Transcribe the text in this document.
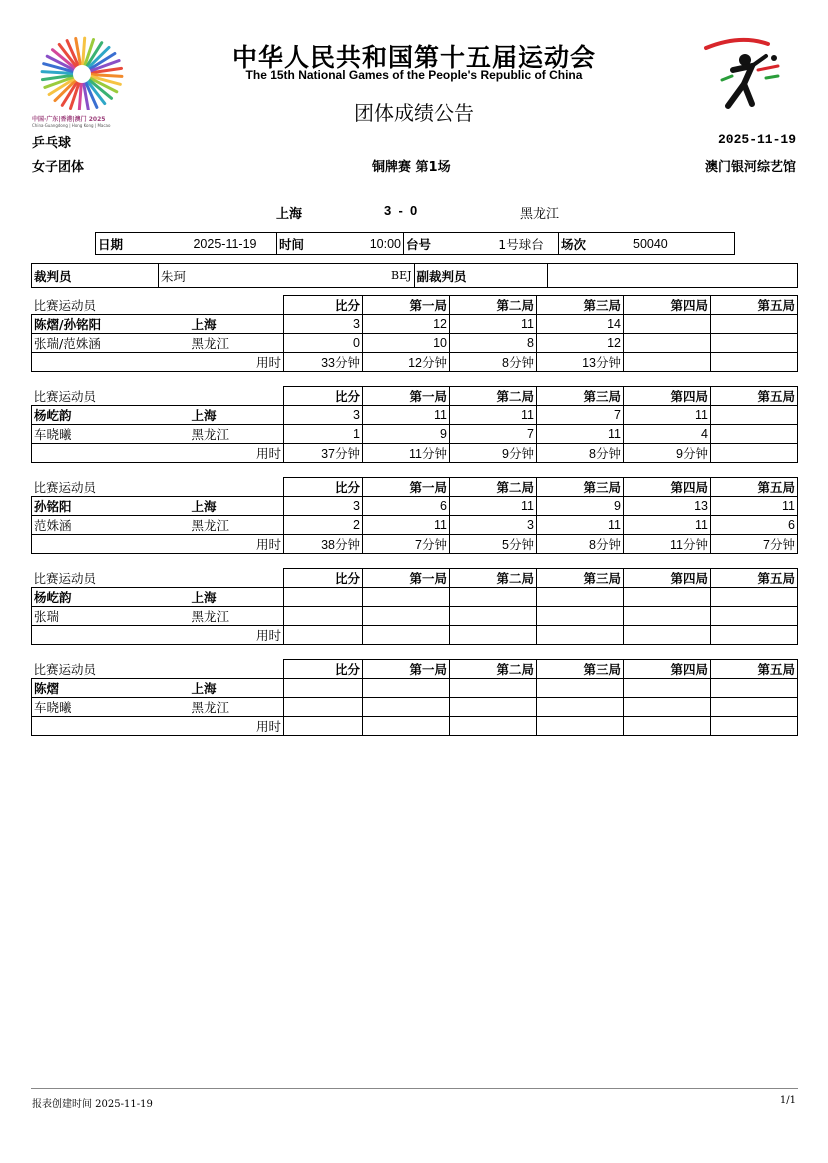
中国·广东|香港|澳门 2025
China·Guangdong | Hong Kong | Macao
中华人民共和国第十五届运动会
The 15th National Games of the People's Republic of China
团体成绩公告
乒乓球	2025-11-19
女子团体	铜牌赛 第1场	澳门银河综艺馆
上海	3  -  0	黑龙江
日期	2025-11-19	时间	10:00	台号	1号球台	场次	50040
裁判员	朱珂	BEJ	副裁判员	
比赛运动员		比分	第一局	第二局	第三局	第四局	第五局
陈熠/孙铭阳	上海	3	12	11	14		
张瑞/范姝涵	黑龙江	0	10	8	12		
用时		33分钟	12分钟	8分钟	13分钟		
比赛运动员		比分	第一局	第二局	第三局	第四局	第五局
杨屹韵	上海	3	11	11	7	11	
车晓曦	黑龙江	1	9	7	11	4	
用时		37分钟	11分钟	9分钟	8分钟	9分钟	
比赛运动员		比分	第一局	第二局	第三局	第四局	第五局
孙铭阳	上海	3	6	11	9	13	11
范姝涵	黑龙江	2	11	3	11	11	6
用时		38分钟	7分钟	5分钟	8分钟	11分钟	7分钟
比赛运动员		比分	第一局	第二局	第三局	第四局	第五局
杨屹韵	上海						
张瑞	黑龙江						
用时							
比赛运动员		比分	第一局	第二局	第三局	第四局	第五局
陈熠	上海						
车晓曦	黑龙江						
用时							
报表创建时间 2025-11-19	1/1
